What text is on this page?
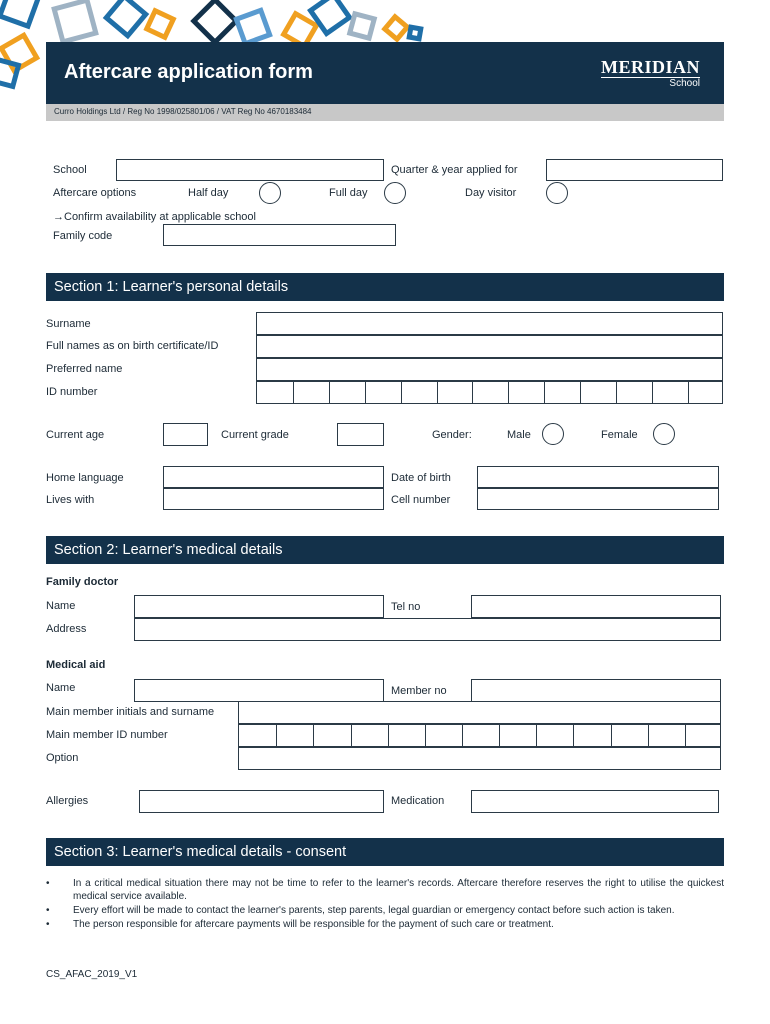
Aftercare application form	MERIDIAN
School
Curro Holdings Ltd / Reg No 1998/025801/06 / VAT Reg No 4670183484
School	Quarter & year applied for
Aftercare options	Half day	Full day	Day visitor
→Confirm availability at applicable school
Family code
Section 1: Learner's personal details
Surname
Full names as on birth certificate/ID
Preferred name
ID number
Current age	Current grade	Gender:	Male	Female
Home language	Date of birth
Lives with	Cell number
Section 2: Learner's medical details
Family doctor
Name	Tel no
Address
Medical aid
Name	Member no
Main member initials and surname
Main member ID number
Option
Allergies	Medication
Section 3: Learner's medical details - consent
• In a critical medical situation there may not be time to refer to the learner's records. Aftercare therefore reserves the right to utilise the quickest medical service available.
• Every effort will be made to contact the learner's parents, step parents, legal guardian or emergency contact before such action is taken.
• The person responsible for aftercare payments will be responsible for the payment of such care or treatment.
CS_AFAC_2019_V1
